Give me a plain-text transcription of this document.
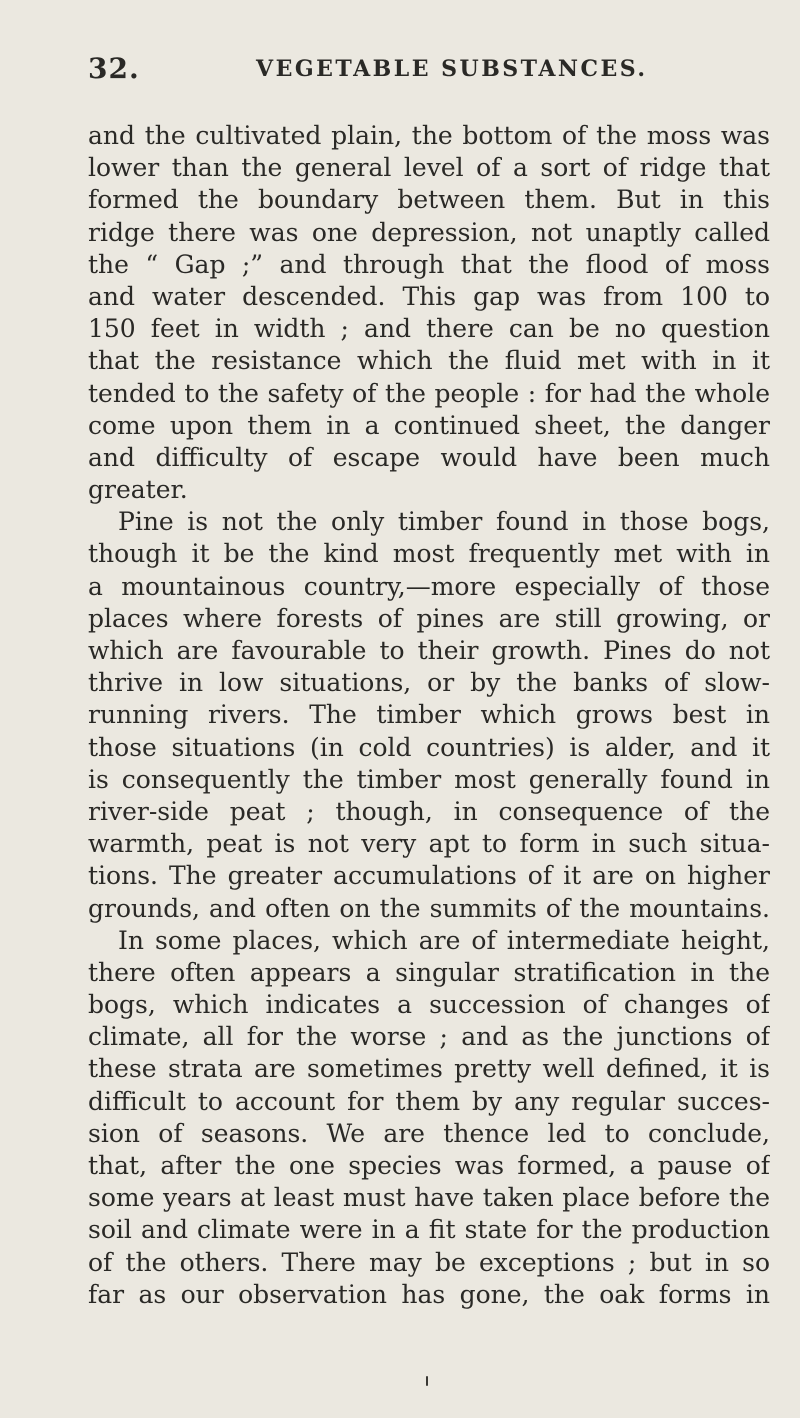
32.	VEGETABLE SUBSTANCES.
and the cultivated plain, the bottom of the moss was
lower than the general level of a sort of ridge that
formed the boundary between them. But in this
ridge there was one depression, not unaptly called
the “ Gap ;” and through that the flood of moss
and water descended. This gap was from 100 to
150 feet in width ; and there can be no question
that the resistance which the fluid met with in it
tended to the safety of the people : for had the whole
come upon them in a continued sheet, the danger
and difficulty of escape would have been much
greater.
Pine is not the only timber found in those bogs,
though it be the kind most frequently met with in
a mountainous country,—more especially of those
places where forests of pines are still growing, or
which are favourable to their growth. Pines do not
thrive in low situations, or by the banks of slow-
running rivers. The timber which grows best in
those situations (in cold countries) is alder, and it
is consequently the timber most generally found in
river-side peat ; though, in consequence of the
warmth, peat is not very apt to form in such situa-
tions. The greater accumulations of it are on higher
grounds, and often on the summits of the mountains.
In some places, which are of intermediate height,
there often appears a singular stratification in the
bogs, which indicates a succession of changes of
climate, all for the worse ; and as the junctions of
these strata are sometimes pretty well defined, it is
difficult to account for them by any regular succes-
sion of seasons. We are thence led to conclude,
that, after the one species was formed, a pause of
some years at least must have taken place before the
soil and climate were in a fit state for the production
of the others. There may be exceptions ; but in so
far as our observation has gone, the oak forms in
